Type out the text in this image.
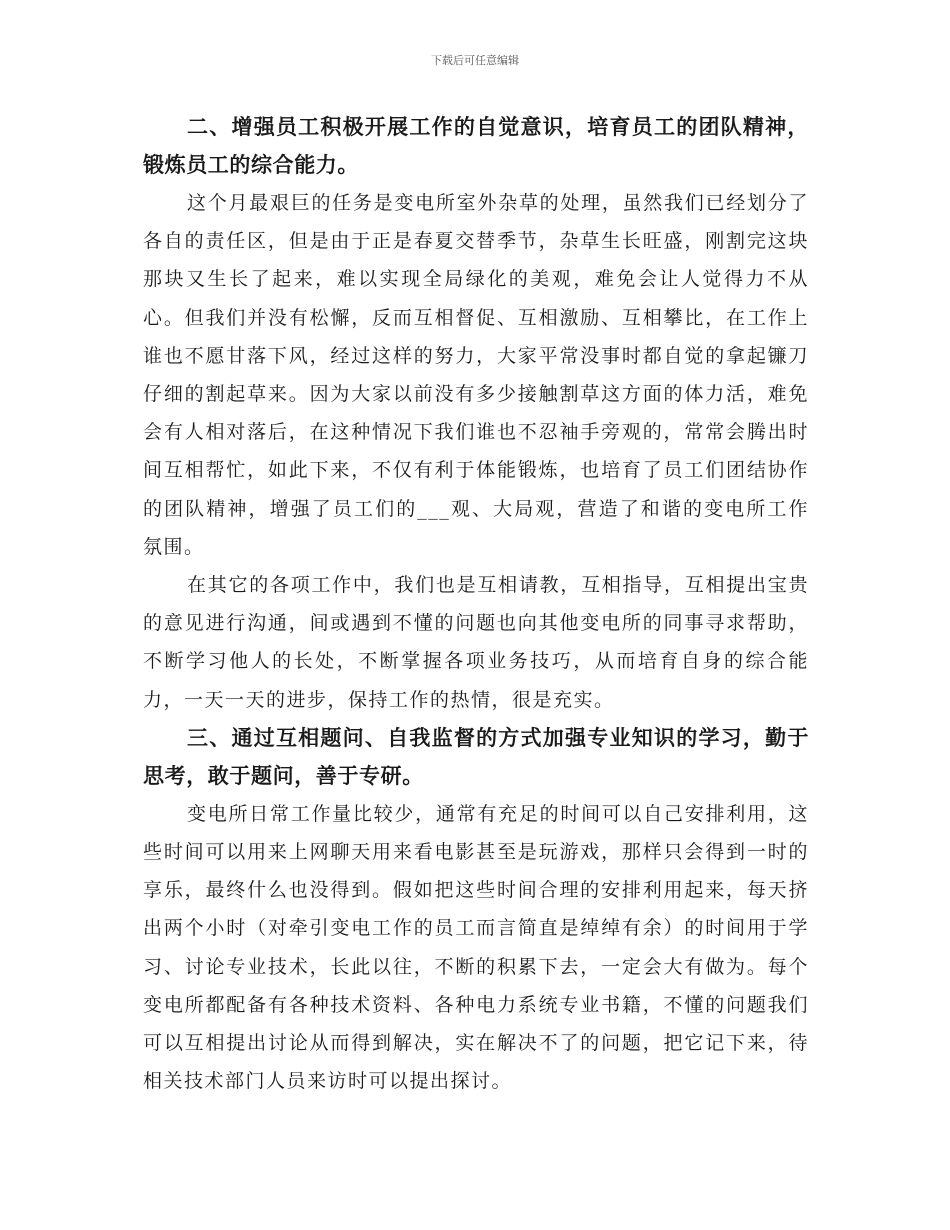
下载后可任意编辑

二、增强员工积极开展工作的自觉意识，培育员工的团队精神，锻炼员工的综合能力。

这个月最艰巨的任务是变电所室外杂草的处理，虽然我们已经划分了各自的责任区，但是由于正是春夏交替季节，杂草生长旺盛，刚割完这块那块又生长了起来，难以实现全局绿化的美观，难免会让人觉得力不从心。但我们并没有松懈，反而互相督促、互相激励、互相攀比，在工作上谁也不愿甘落下风，经过这样的努力，大家平常没事时都自觉的拿起镰刀仔细的割起草来。因为大家以前没有多少接触割草这方面的体力活，难免会有人相对落后，在这种情况下我们谁也不忍袖手旁观的，常常会腾出时间互相帮忙，如此下来，不仅有利于体能锻炼，也培育了员工们团结协作的团队精神，增强了员工们的___观、大局观，营造了和谐的变电所工作氛围。

在其它的各项工作中，我们也是互相请教，互相指导，互相提出宝贵的意见进行沟通，间或遇到不懂的问题也向其他变电所的同事寻求帮助，不断学习他人的长处，不断掌握各项业务技巧，从而培育自身的综合能力，一天一天的进步，保持工作的热情，很是充实。

三、通过互相题问、自我监督的方式加强专业知识的学习，勤于思考，敢于题问，善于专研。

变电所日常工作量比较少，通常有充足的时间可以自己安排利用，这些时间可以用来上网聊天用来看电影甚至是玩游戏，那样只会得到一时的享乐，最终什么也没得到。假如把这些时间合理的安排利用起来，每天挤出两个小时（对牵引变电工作的员工而言简直是绰绰有余）的时间用于学习、讨论专业技术，长此以往，不断的积累下去，一定会大有做为。每个变电所都配备有各种技术资料、各种电力系统专业书籍，不懂的问题我们可以互相提出讨论从而得到解决，实在解决不了的问题，把它记下来，待相关技术部门人员来访时可以提出探讨。
